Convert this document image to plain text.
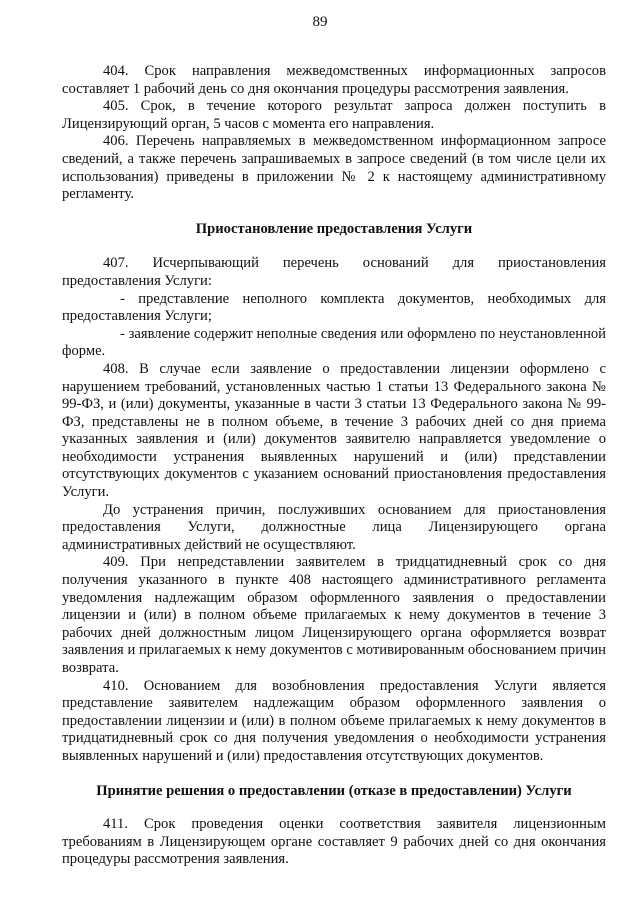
89

404. Срок направления межведомственных информационных запросов составляет 1 рабочий день со дня окончания процедуры рассмотрения заявления.

405. Срок, в течение которого результат запроса должен поступить в Лицензирующий орган, 5 часов с момента его направления.

406. Перечень направляемых в межведомственном информационном запросе сведений, а также перечень запрашиваемых в запросе сведений (в том числе цели их использования) приведены в приложении № 2 к настоящему административному регламенту.

Приостановление предоставления Услуги

407. Исчерпывающий перечень оснований для приостановления предоставления Услуги:

- представление неполного комплекта документов, необходимых для предоставления Услуги;

- заявление содержит неполные сведения или оформлено по неустановленной форме.

408. В случае если заявление о предоставлении лицензии оформлено с нарушением требований, установленных частью 1 статьи 13 Федерального закона № 99-ФЗ, и (или) документы, указанные в части 3 статьи 13 Федерального закона № 99-ФЗ, представлены не в полном объеме, в течение 3 рабочих дней со дня приема указанных заявления и (или) документов заявителю направляется уведомление о необходимости устранения выявленных нарушений и (или) представлении отсутствующих документов с указанием оснований приостановления предоставления Услуги.

До устранения причин, послуживших основанием для приостановления предоставления Услуги, должностные лица Лицензирующего органа административных действий не осуществляют.

409. При непредставлении заявителем в тридцатидневный срок со дня получения указанного в пункте 408 настоящего административного регламента уведомления надлежащим образом оформленного заявления о предоставлении лицензии и (или) в полном объеме прилагаемых к нему документов в течение 3 рабочих дней должностным лицом Лицензирующего органа оформляется возврат заявления и прилагаемых к нему документов с мотивированным обоснованием причин возврата.

410. Основанием для возобновления предоставления Услуги является представление заявителем надлежащим образом оформленного заявления о предоставлении лицензии и (или) в полном объеме прилагаемых к нему документов в тридцатидневный срок со дня получения уведомления о необходимости устранения выявленных нарушений и (или) предоставления отсутствующих документов.

Принятие решения о предоставлении (отказе в предоставлении) Услуги

411. Срок проведения оценки соответствия заявителя лицензионным требованиям в Лицензирующем органе составляет 9 рабочих дней со дня окончания процедуры рассмотрения заявления.
